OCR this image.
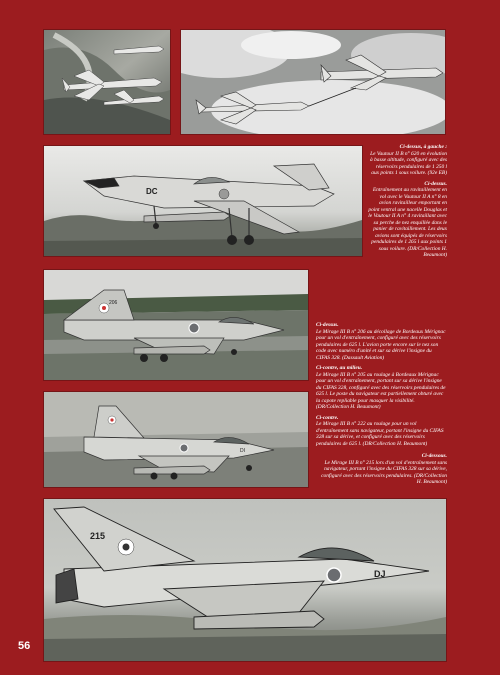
DC
206
DI
215
DJ

Ci-dessus, à gauche :
Le Vautour II B n° 620 en évolution à basse altitude, configuré avec des réservoirs pendulaires de 1 250 l aux points 1 sous voilure. (92e EB)

Ci-dessus.
Entraînement au ravitaillement en vol avec le Vautour II A n° 8 en avion ravitailleur emportant en point ventral une nacelle Douglas et le Vautour II A n° 4 ravitaillant avec sa perche de nez enquillée dans le panier de ravitaillement. Les deux avions sont équipés de réservoirs pendulaires de 1 265 l aux points 1 sous voilure. (DR/Collection H. Beaumont)

Ci-dessus.
Le Mirage III B n° 206 au décollage de Bordeaux Mérignac pour un vol d'entraînement, configuré avec des réservoirs pendulaires de 625 l. L'avion porte encore sur le nez son code avec numéro d'unité et sur sa dérive l'insigne du CIFAS 328. (Dassault Aviation)

Ci-contre, au milieu.
Le Mirage III B n° 205 au roulage à Bordeaux Mérignac pour un vol d'entraînement, portant sur sa dérive l'insigne du CIFAS 328, configuré avec des réservoirs pendulaires de 625 l. Le poste du navigateur est partiellement obturé avec la capote repliable pour masquer la visibilité. (DR/Collection H. Beaumont)

Ci-contre.
Le Mirage III B n° 222 au roulage pour un vol d'entraînement sans navigateur, portant l'insigne du CIFAS 328 sur sa dérive, et configuré avec des réservoirs pendulaires de 625 l. (DR/Collection H. Beaumont)

Ci-dessous.
Le Mirage III B n° 215 lors d'un vol d'entraînement sans navigateur, portant l'insigne du CIFAS 328 sur sa dérive, configuré avec des réservoirs pendulaires. (DR/Collection H. Beaumont)
56
